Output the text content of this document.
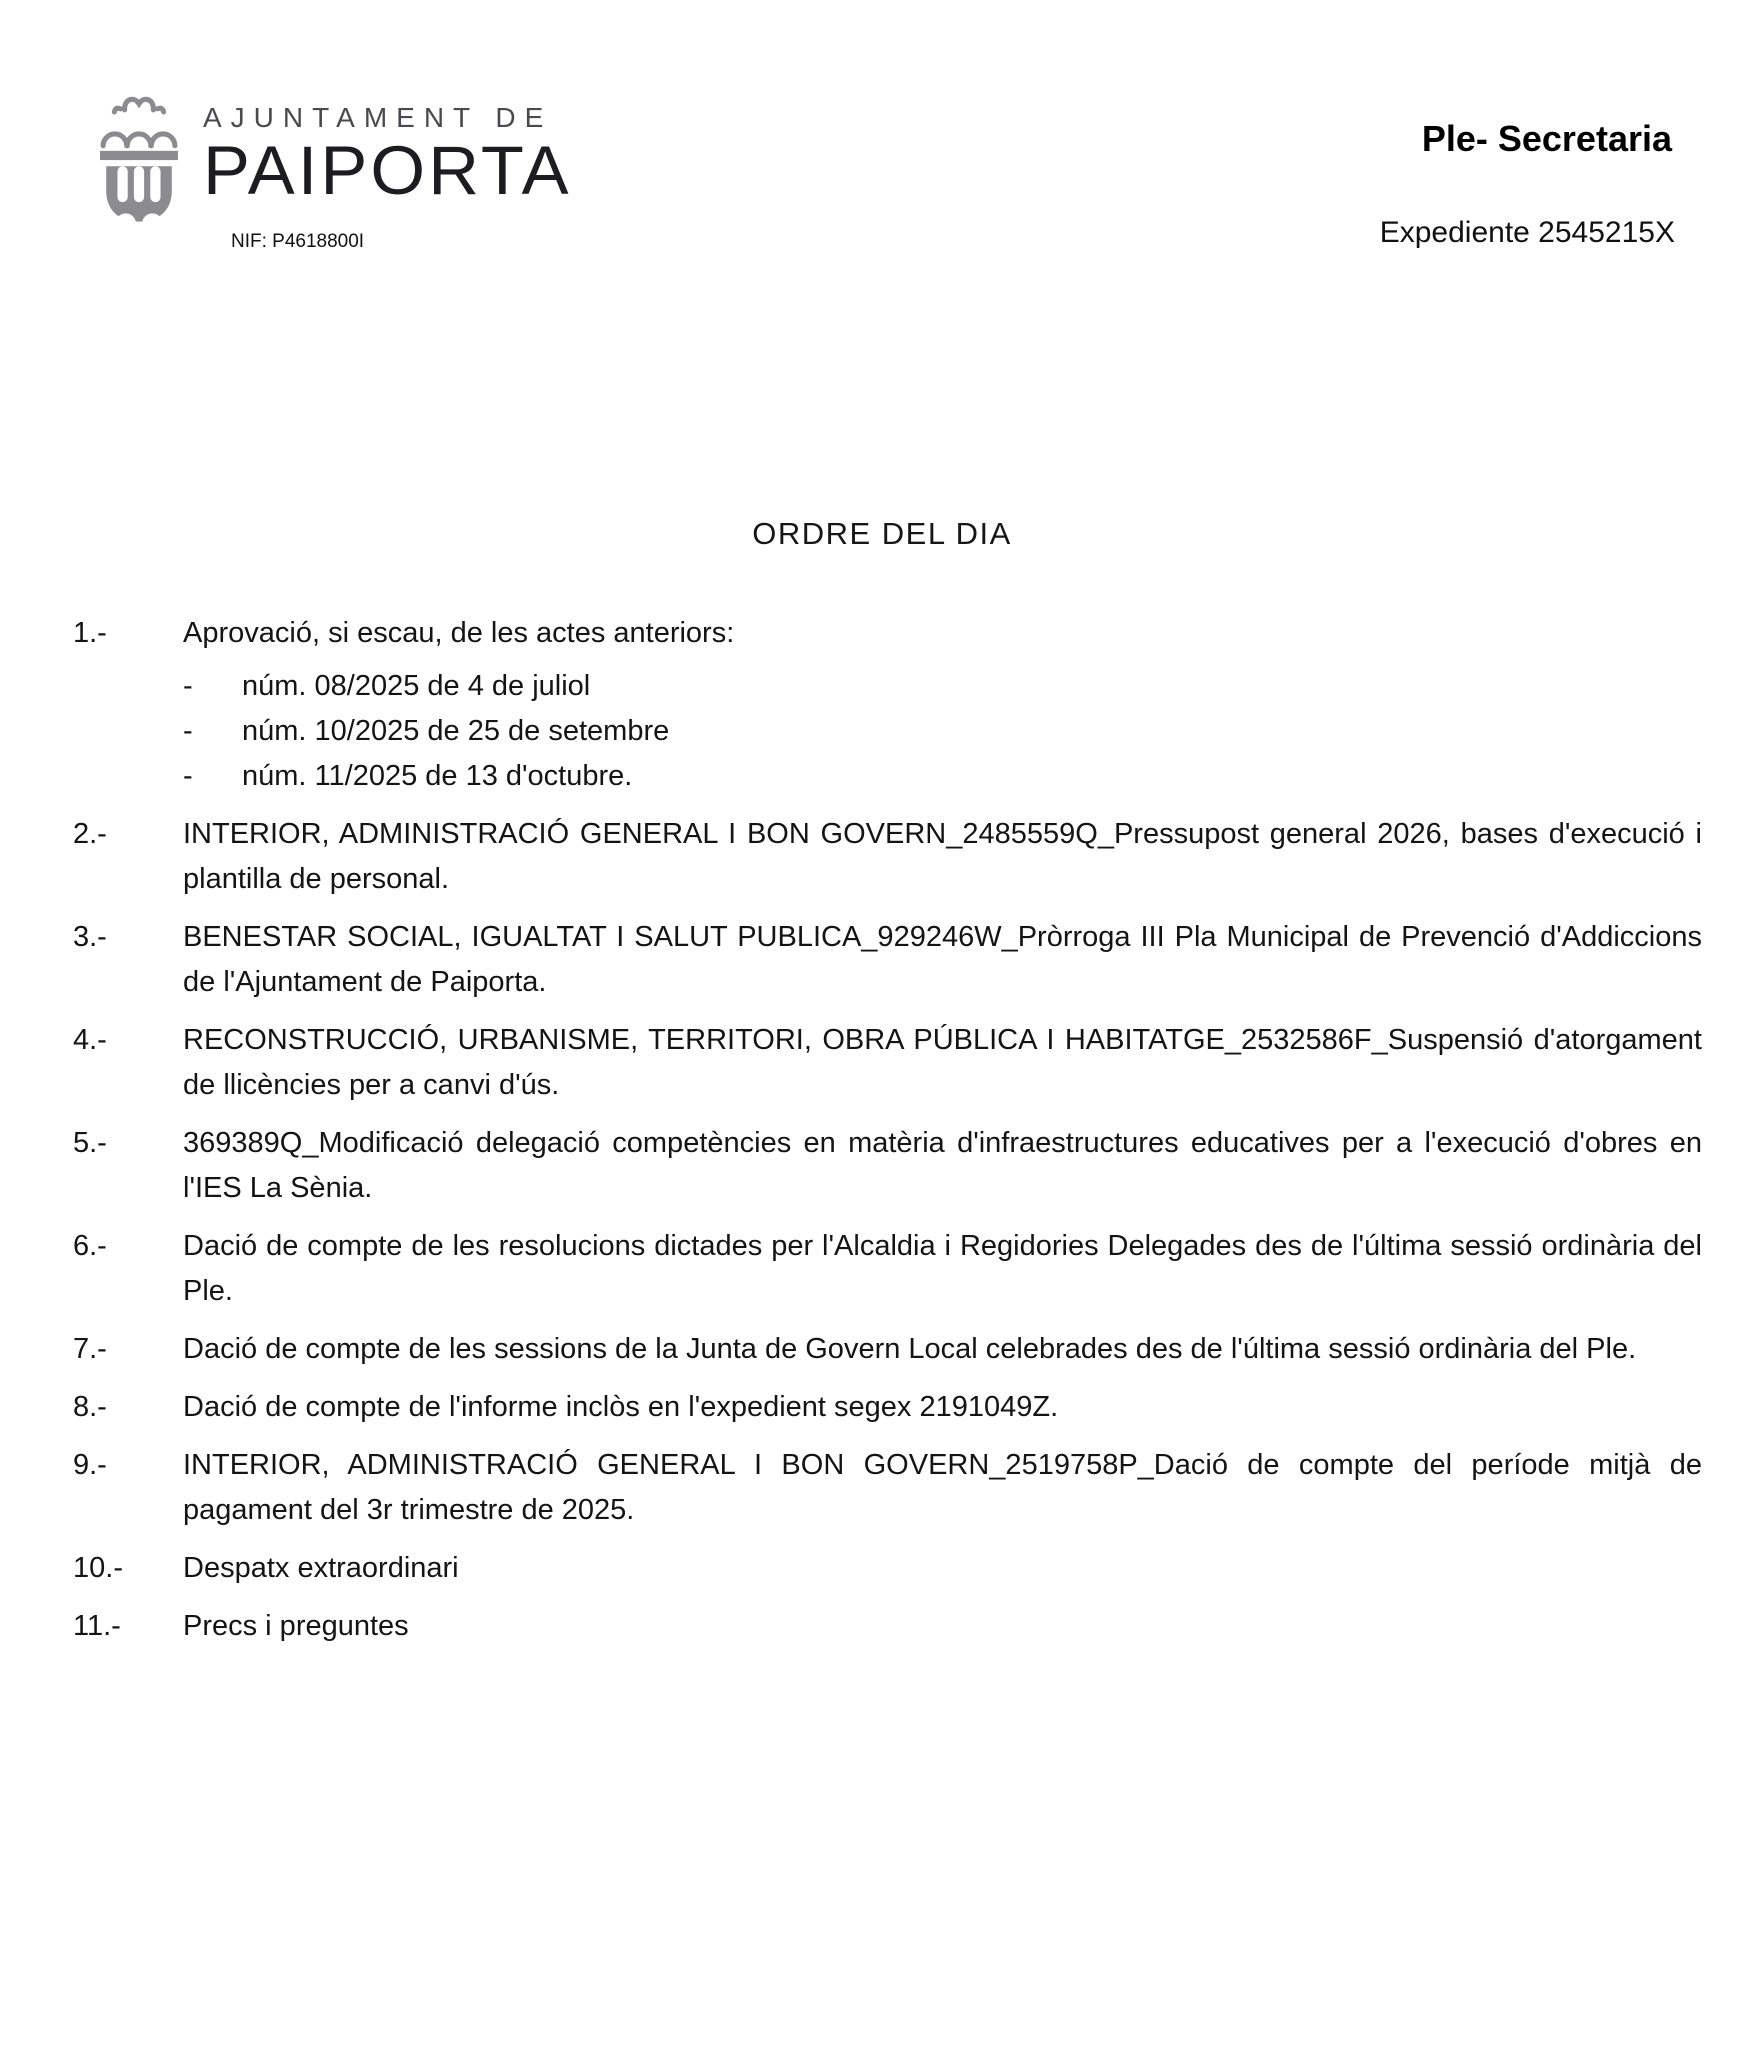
AJUNTAMENT DE
PAIPORTA
NIF: P4618800I
Ple- Secretaria
Expediente 2545215X
ORDRE DEL DIA
1.-	Aprovació, si escau, de les actes anteriors:
-	núm. 08/2025 de 4 de juliol
-	núm. 10/2025 de 25 de setembre
-	núm. 11/2025 de 13 d'octubre.
2.-	INTERIOR, ADMINISTRACIÓ GENERAL I BON GOVERN_2485559Q_Pressupost general 2026, bases d'execució i plantilla de personal.
3.-	BENESTAR SOCIAL, IGUALTAT I SALUT PUBLICA_929246W_Pròrroga III Pla Municipal de Prevenció d'Addiccions de l'Ajuntament de Paiporta.
4.-	RECONSTRUCCIÓ, URBANISME, TERRITORI, OBRA PÚBLICA I HABITATGE_2532586F_Suspensió d'atorgament de llicències per a canvi d'ús.
5.-	369389Q_Modificació delegació competències en matèria d'infraestructures educatives per a l'execució d'obres en l'IES La Sènia.
6.-	Dació de compte de les resolucions dictades per l'Alcaldia i Regidories Delegades des de l'última sessió ordinària del Ple.
7.-	Dació de compte de les sessions de la Junta de Govern Local celebrades des de l'última sessió ordinària del Ple.
8.-	Dació de compte de l'informe inclòs en l'expedient segex 2191049Z.
9.-	INTERIOR, ADMINISTRACIÓ GENERAL I BON GOVERN_2519758P_Dació de compte del període mitjà de pagament del 3r trimestre de 2025.
10.-	Despatx extraordinari
11.-	Precs i preguntes
